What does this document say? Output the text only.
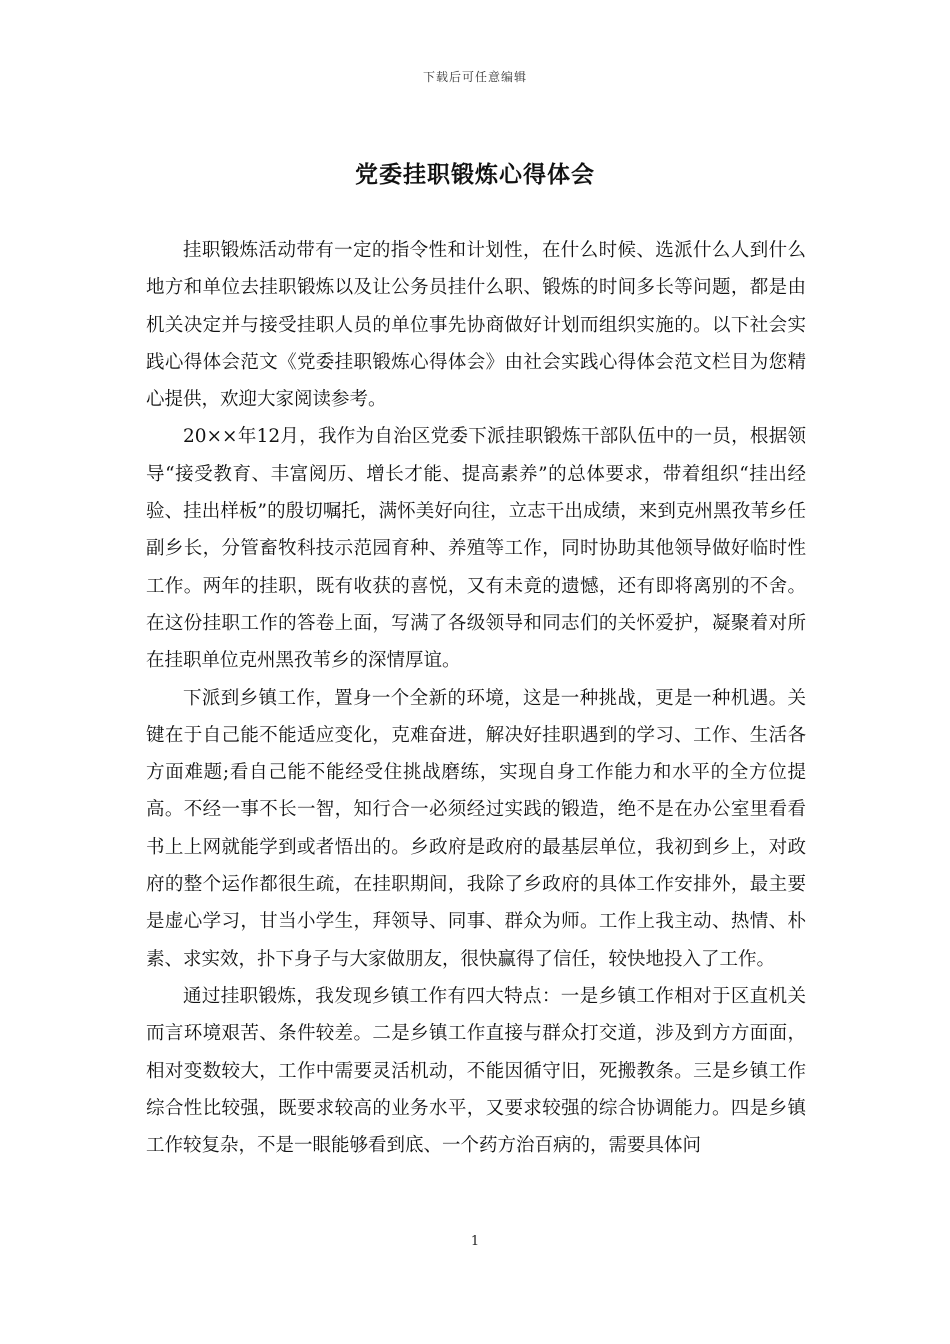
下载后可任意编辑
党委挂职锻炼心得体会

挂职锻炼活动带有一定的指令性和计划性，在什么时候、选派什么人到什么地方和单位去挂职锻炼以及让公务员挂什么职、锻炼的时间多长等问题，都是由机关决定并与接受挂职人员的单位事先协商做好计划而组织实施的。以下社会实践心得体会范文《党委挂职锻炼心得体会》由社会实践心得体会范文栏目为您精心提供，欢迎大家阅读参考。

20××年12月，我作为自治区党委下派挂职锻炼干部队伍中的一员，根据领导“接受教育、丰富阅历、增长才能、提高素养”的总体要求，带着组织“挂出经验、挂出样板”的殷切嘱托，满怀美好向往，立志干出成绩，来到克州黑孜苇乡任副乡长，分管畜牧科技示范园育种、养殖等工作，同时协助其他领导做好临时性工作。两年的挂职，既有收获的喜悦，又有未竟的遗憾，还有即将离别的不舍。在这份挂职工作的答卷上面，写满了各级领导和同志们的关怀爱护，凝聚着对所在挂职单位克州黑孜苇乡的深情厚谊。

下派到乡镇工作，置身一个全新的环境，这是一种挑战，更是一种机遇。关键在于自己能不能适应变化，克难奋进，解决好挂职遇到的学习、工作、生活各方面难题;看自己能不能经受住挑战磨练，实现自身工作能力和水平的全方位提高。不经一事不长一智，知行合一必须经过实践的锻造，绝不是在办公室里看看书上上网就能学到或者悟出的。乡政府是政府的最基层单位，我初到乡上，对政府的整个运作都很生疏，在挂职期间，我除了乡政府的具体工作安排外，最主要是虚心学习，甘当小学生，拜领导、同事、群众为师。工作上我主动、热情、朴素、求实效，扑下身子与大家做朋友，很快赢得了信任，较快地投入了工作。

通过挂职锻炼，我发现乡镇工作有四大特点：一是乡镇工作相对于区直机关而言环境艰苦、条件较差。二是乡镇工作直接与群众打交道，涉及到方方面面，相对变数较大，工作中需要灵活机动，不能因循守旧，死搬教条。三是乡镇工作综合性比较强，既要求较高的业务水平，又要求较强的综合协调能力。四是乡镇工作较复杂，不是一眼能够看到底、一个药方治百病的，需要具体问

1
